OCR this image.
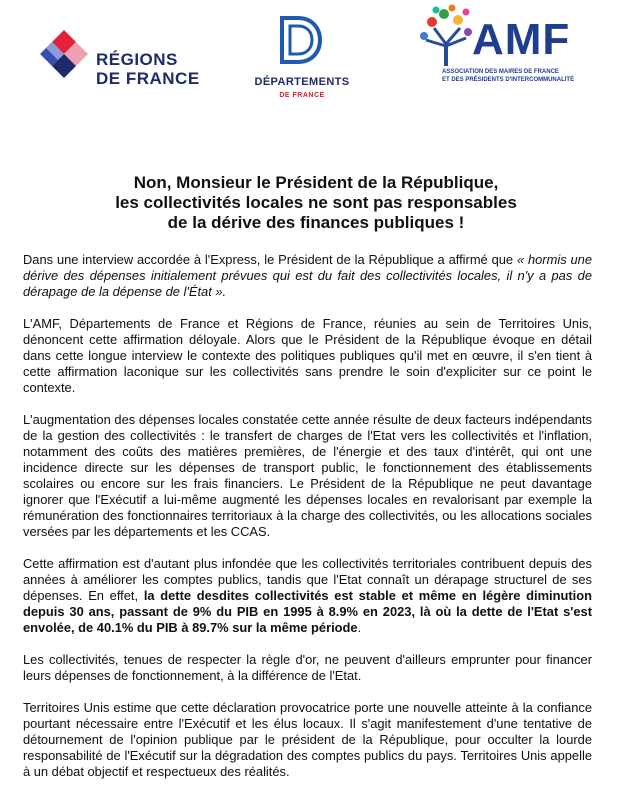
RÉGIONS
DE FRANCE	DÉPARTEMENTS
DE FRANCE
AMF
ASSOCIATION DES MAIRES DE FRANCE
ET DES PRÉSIDENTS D'INTERCOMMUNALITÉ
Non, Monsieur le Président de la République,
les collectivités locales ne sont pas responsables
de la dérive des finances publiques !

Dans une interview accordée à l'Express, le Président de la République a affirmé que « hormis une dérive des dépenses initialement prévues qui est du fait des collectivités locales, il n'y a pas de dérapage de la dépense de l'État ».

L'AMF, Départements de France et Régions de France, réunies au sein de Territoires Unis, dénoncent cette affirmation déloyale. Alors que le Président de la République évoque en détail dans cette longue interview le contexte des politiques publiques qu'il met en œuvre, il s'en tient à cette affirmation laconique sur les collectivités sans prendre le soin d'expliciter sur ce point le contexte.

L'augmentation des dépenses locales constatée cette année résulte de deux facteurs indépendants de la gestion des collectivités : le transfert de charges de l'Etat vers les collectivités et l'inflation, notamment des coûts des matières premières, de l'énergie et des taux d'intérêt, qui ont une incidence directe sur les dépenses de transport public, le fonctionnement des établissements scolaires ou encore sur les frais financiers. Le Président de la République ne peut davantage ignorer que l'Exécutif a lui-même augmenté les dépenses locales en revalorisant par exemple la rémunération des fonctionnaires territoriaux à la charge des collectivités, ou les allocations sociales versées par les départements et les CCAS.

Cette affirmation est d'autant plus infondée que les collectivités territoriales contribuent depuis des années à améliorer les comptes publics, tandis que l'Etat connaît un dérapage structurel de ses dépenses. En effet, la dette desdites collectivités est stable et même en légère diminution depuis 30 ans, passant de 9% du PIB en 1995 à 8.9% en 2023, là où la dette de l'Etat s'est envolée, de 40.1% du PIB à 89.7% sur la même période.

Les collectivités, tenues de respecter la règle d'or, ne peuvent d'ailleurs emprunter pour financer leurs dépenses de fonctionnement, à la différence de l'Etat.

Territoires Unis estime que cette déclaration provocatrice porte une nouvelle atteinte à la confiance pourtant nécessaire entre l'Exécutif et les élus locaux. Il s'agit manifestement d'une tentative de détournement de l'opinion publique par le président de la République, pour occulter la lourde responsabilité de l'Exécutif sur la dégradation des comptes publics du pays. Territoires Unis appelle à un débat objectif et respectueux des réalités.
